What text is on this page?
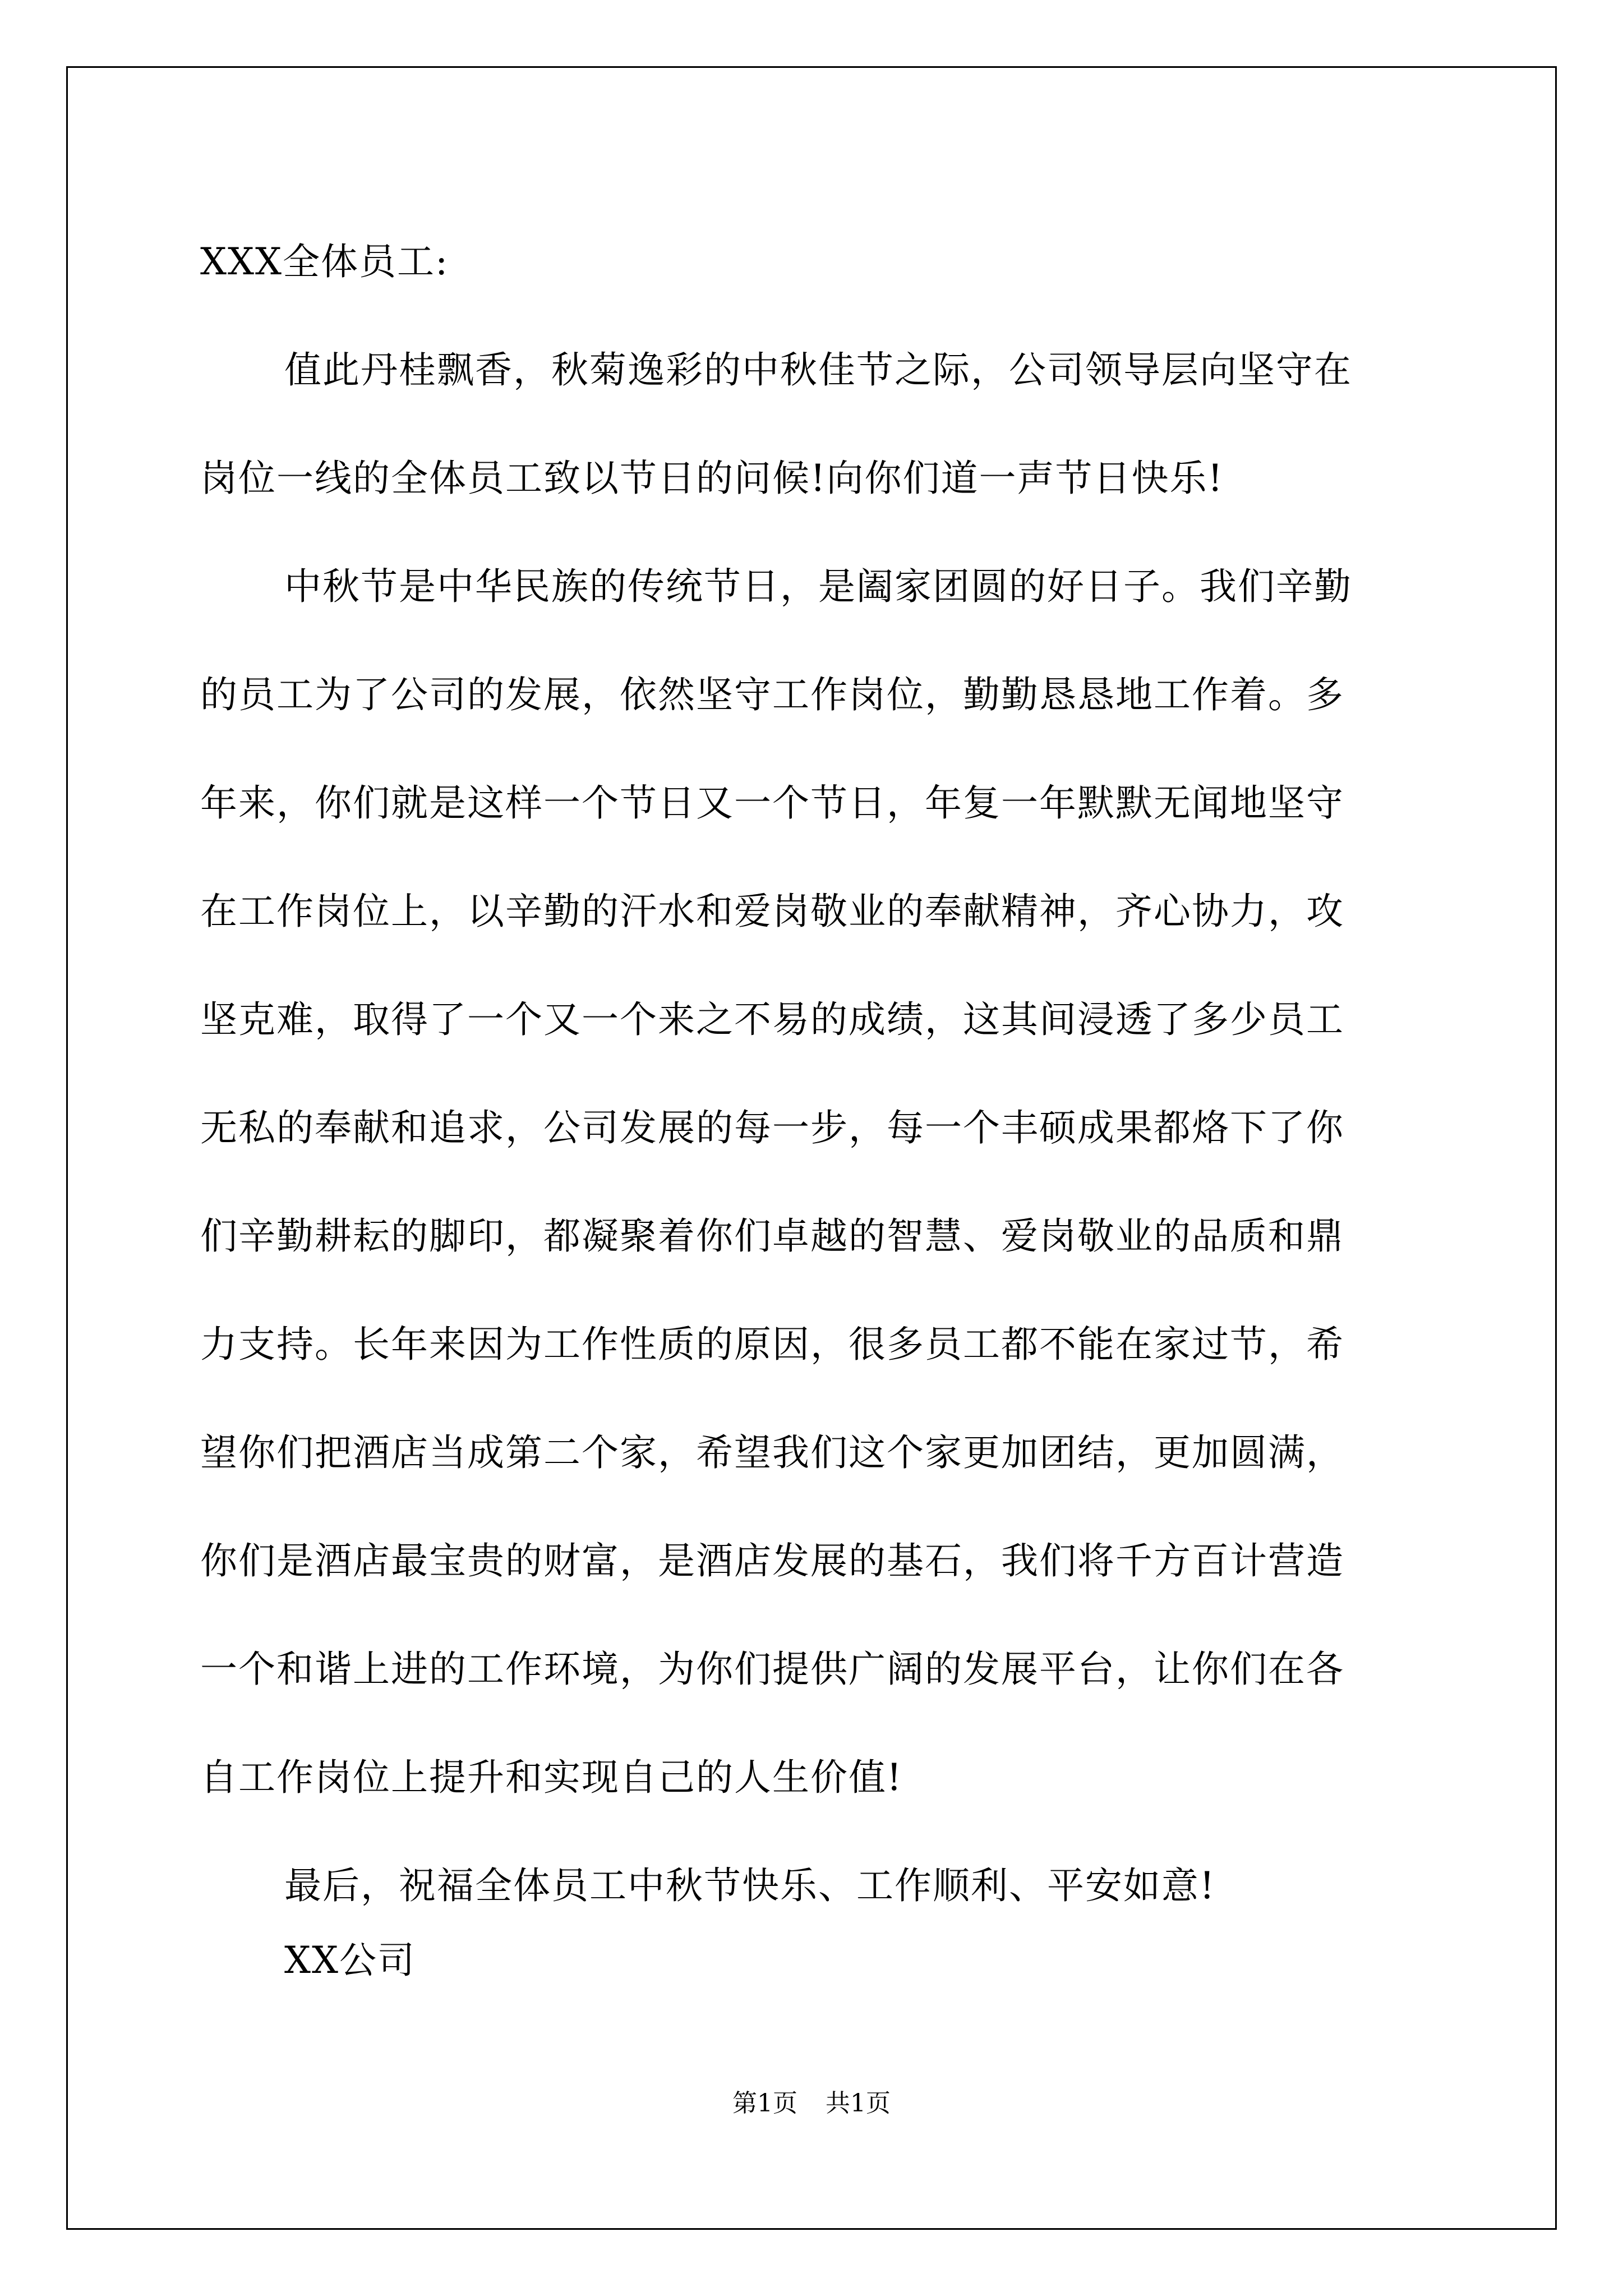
XXX全体员工:
值此丹桂飘香，秋菊逸彩的中秋佳节之际，公司领导层向坚守在
岗位一线的全体员工致以节日的问候!向你们道一声节日快乐!
中秋节是中华民族的传统节日，是阖家团圆的好日子。我们辛勤
的员工为了公司的发展，依然坚守工作岗位，勤勤恳恳地工作着。多
年来，你们就是这样一个节日又一个节日，年复一年默默无闻地坚守
在工作岗位上，以辛勤的汗水和爱岗敬业的奉献精神，齐心协力，攻
坚克难，取得了一个又一个来之不易的成绩，这其间浸透了多少员工
无私的奉献和追求，公司发展的每一步，每一个丰硕成果都烙下了你
们辛勤耕耘的脚印，都凝聚着你们卓越的智慧、爱岗敬业的品质和鼎
力支持。长年来因为工作性质的原因，很多员工都不能在家过节，希
望你们把酒店当成第二个家，希望我们这个家更加团结，更加圆满，
你们是酒店最宝贵的财富，是酒店发展的基石，我们将千方百计营造
一个和谐上进的工作环境，为你们提供广阔的发展平台，让你们在各
自工作岗位上提升和实现自己的人生价值!
最后，祝福全体员工中秋节快乐、工作顺利、平安如意!
XX公司
第1页 共1页
